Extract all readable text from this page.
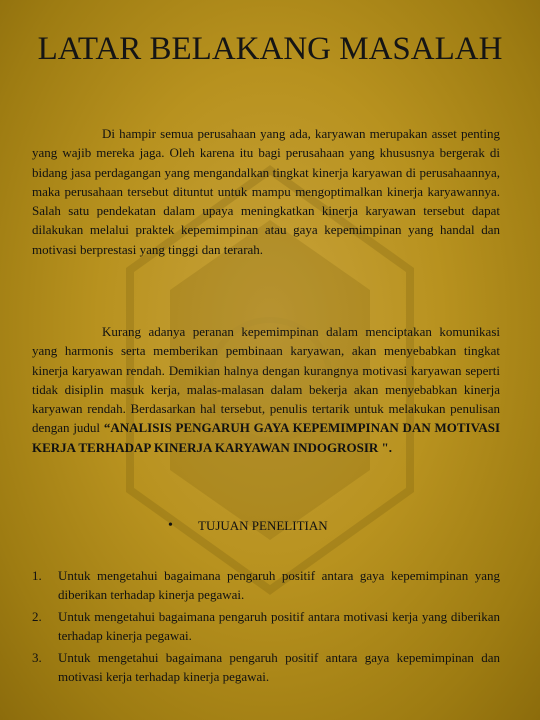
LATAR BELAKANG MASALAH

Di hampir semua perusahaan yang ada, karyawan merupakan asset penting yang wajib mereka jaga. Oleh karena itu bagi perusahaan yang khususnya bergerak di bidang jasa perdagangan yang mengandalkan tingkat kinerja karyawan di perusahaannya, maka perusahaan tersebut dituntut untuk mampu mengoptimalkan kinerja karyawannya. Salah satu pendekatan dalam upaya meningkatkan kinerja karyawan tersebut dapat dilakukan melalui praktek kepemimpinan atau gaya kepemimpinan yang handal dan motivasi berprestasi yang tinggi dan terarah.

Kurang adanya peranan kepemimpinan dalam menciptakan komunikasi yang harmonis serta memberikan pembinaan karyawan, akan menyebabkan tingkat kinerja karyawan rendah. Demikian halnya dengan kurangnya motivasi karyawan seperti tidak disiplin masuk kerja, malas-malasan dalam bekerja akan menyebabkan kinerja karyawan rendah. Berdasarkan hal tersebut, penulis tertarik untuk melakukan penulisan dengan judul “ANALISIS PENGARUH GAYA KEPEMIMPINAN DAN MOTIVASI KERJA TERHADAP KINERJA KARYAWAN INDOGROSIR ".

•	TUJUAN PENELITIAN
1.	Untuk mengetahui bagaimana pengaruh positif antara gaya kepemimpinan yang diberikan terhadap kinerja pegawai.
2.	Untuk mengetahui bagaimana pengaruh positif antara motivasi kerja yang diberikan terhadap kinerja pegawai.
3.	Untuk mengetahui bagaimana pengaruh positif antara gaya kepemimpinan dan motivasi kerja terhadap kinerja pegawai.
